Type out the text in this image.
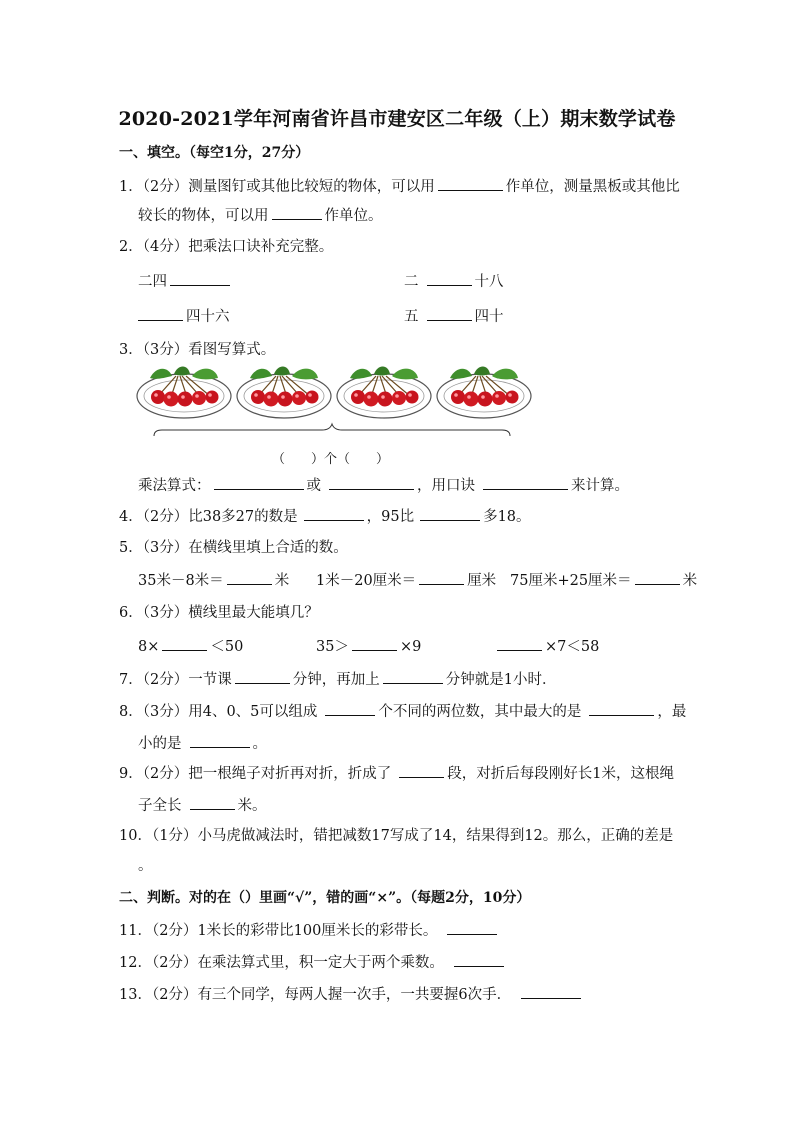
2020-2021学年河南省许昌市建安区二年级（上）期末数学试卷
一、填空。（每空1分，27分）
1．（2分）测量图钉或其他比较短的物体，可以用	作单位，测量黑板或其他比
较长的物体，可以用	作单位。
2．（4分）把乘法口诀补充完整。
二四	二	十八
四十六	五	四十
3．（3分）看图写算式。
（　　）个（　　）
乘法算式：	或	，用口诀	来计算。
4．（2分）比38多27的数是	，95比	多18。
5．（3分）在横线里填上合适的数。
35米－8米＝	米 1米－20厘米＝	厘米 75厘米+25厘米＝	米
6．（3分）横线里最大能填几？
8×	＜50	35＞	×9	×7＜58
7．（2分）一节课	分钟，再加上	分钟就是1小时．
8．（3分）用4、0、5可以组成	个不同的两位数，其中最大的是	，最
小的是	。
9．（2分）把一根绳子对折再对折，折成了	段，对折后每段刚好长1米，这根绳
子全长	米。
10．（1分）小马虎做减法时，错把减数17写成了14，结果得到12。那么，正确的差是
。
二、判断。对的在（）里画“√”，错的画“×”。（每题2分，10分）
11．（2分）1米长的彩带比100厘米长的彩带长。
12．（2分）在乘法算式里，积一定大于两个乘数。
13．（2分）有三个同学，每两人握一次手，一共要握6次手．
